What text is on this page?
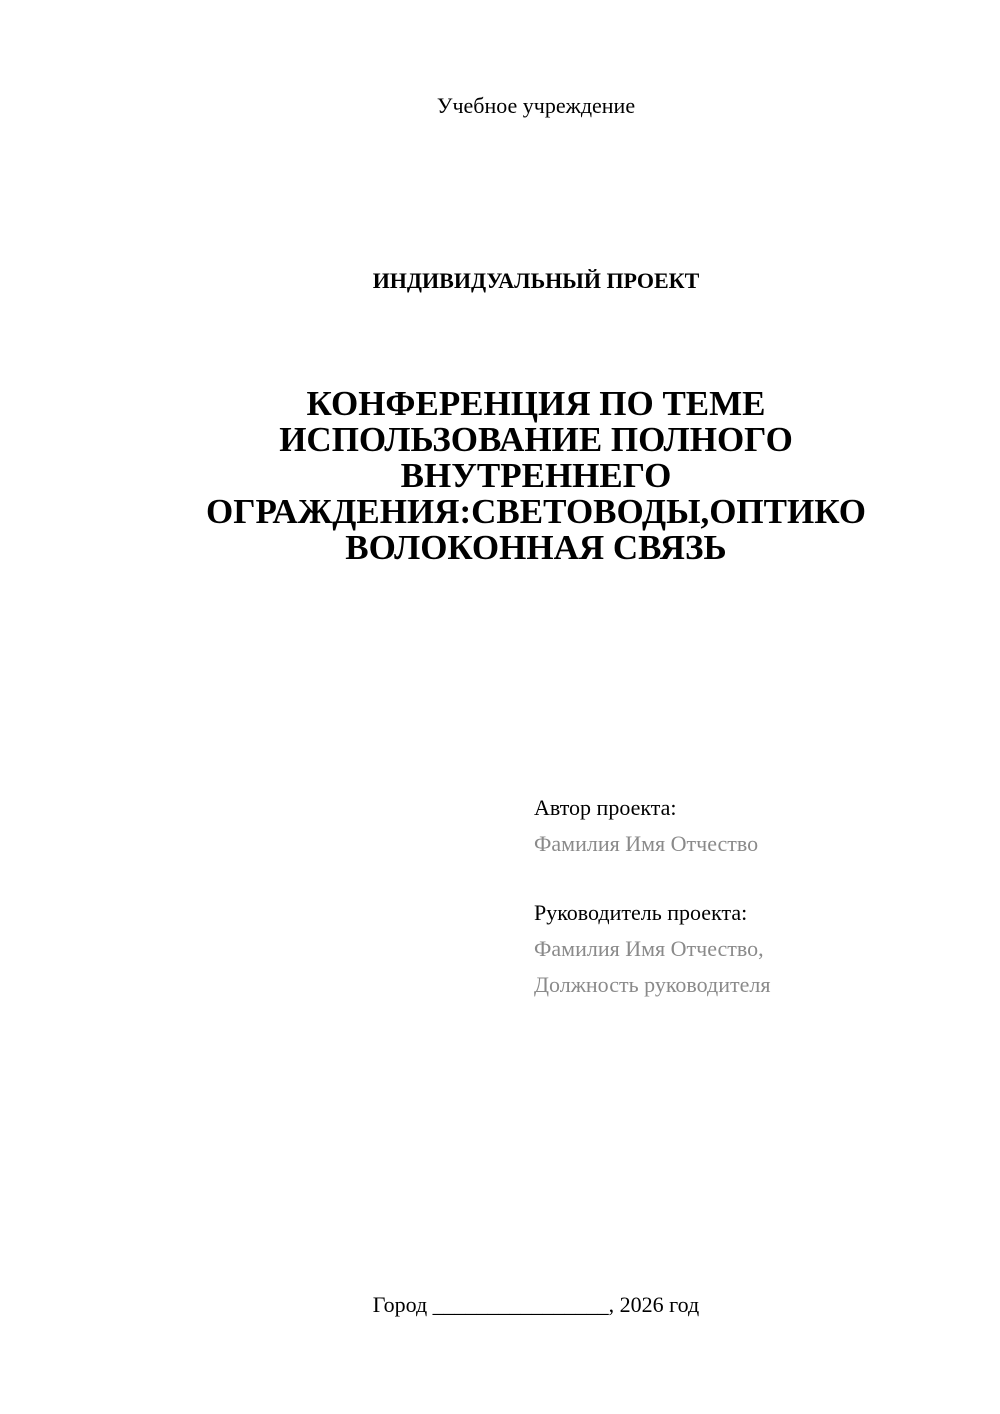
Учебное учреждение
ИНДИВИДУАЛЬНЫЙ ПРОЕКТ
КОНФЕРЕНЦИЯ ПО ТЕМЕ
ИСПОЛЬЗОВАНИЕ ПОЛНОГО
ВНУТРЕННЕГО
ОГРАЖДЕНИЯ:СВЕТОВОДЫ,ОПТИКО
ВОЛОКОННАЯ СВЯЗЬ
Автор проекта:
Фамилия Имя Отчество
Руководитель проекта:
Фамилия Имя Отчество,
Должность руководителя
Город ________________, 2026 год
